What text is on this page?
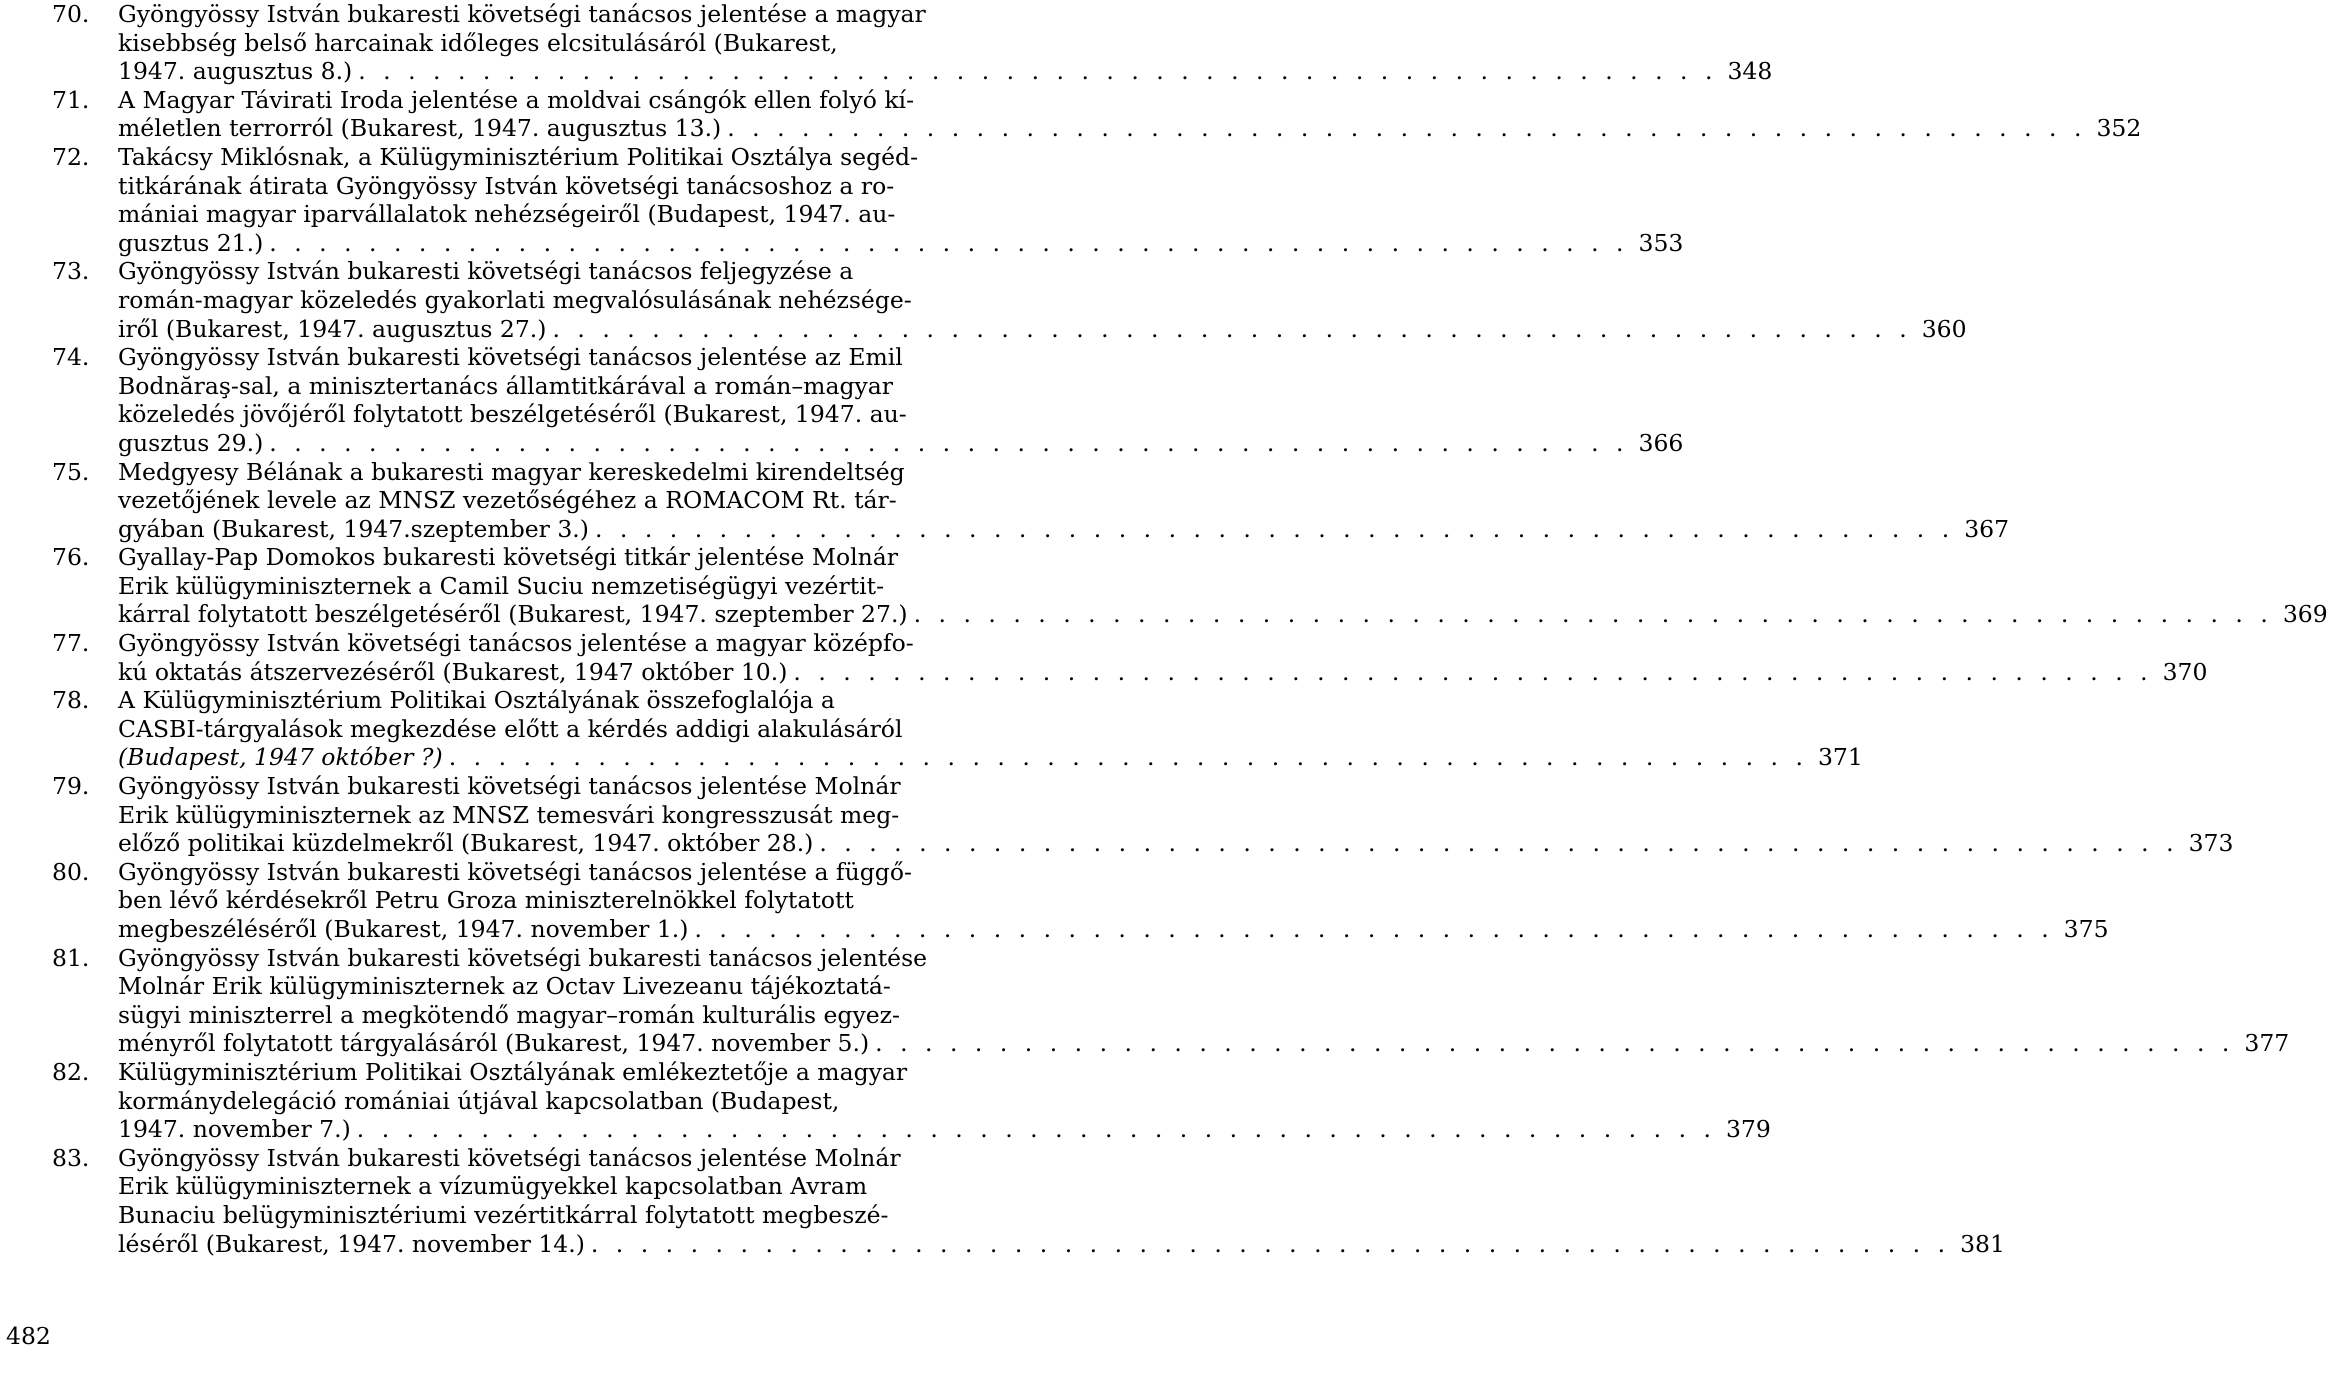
70.	Gyöngyössy István bukaresti követségi tanácsos jelentése a magyar
kisebbség belső harcainak időleges elcsitulásáról (Bukarest,
1947. augusztus 8.) . . .	348
71.	A Magyar Távirati Iroda jelentése a moldvai csángók ellen folyó kí-
méletlen terrorról (Bukarest, 1947. augusztus 13.) . . .	352
72.	Takácsy Miklósnak, a Külügyminisztérium Politikai Osztálya segéd-
titkárának átirata Gyöngyössy István követségi tanácsoshoz a ro-
mániai magyar iparvállalatok nehézségeiről (Budapest, 1947. au-
gusztus 21.) . . .	353
73.	Gyöngyössy István bukaresti követségi tanácsos feljegyzése a
román-magyar közeledés gyakorlati megvalósulásának nehézsége-
iről (Bukarest, 1947. augusztus 27.) . . .	360
74.	Gyöngyössy István bukaresti követségi tanácsos jelentése az Emil
Bodnăraş-sal, a minisztertanács államtitkárával a román–magyar
közeledés jövőjéről folytatott beszélgetéséről (Bukarest, 1947. au-
gusztus 29.) . . .	366
75.	Medgyesy Bélának a bukaresti magyar kereskedelmi kirendeltség
vezetőjének levele az MNSZ vezetőségéhez a ROMACOM Rt. tár-
gyában (Bukarest, 1947.szeptember 3.) . . .	367
76.	Gyallay-Pap Domokos bukaresti követségi titkár jelentése Molnár
Erik külügyminiszternek a Camil Suciu nemzetiségügyi vezértit-
kárral folytatott beszélgetéséről (Bukarest, 1947. szeptember 27.) . . .	369
77.	Gyöngyössy István követségi tanácsos jelentése a magyar középfo-
kú oktatás átszervezéséről (Bukarest, 1947 október 10.) . . .	370
78.	A Külügyminisztérium Politikai Osztályának összefoglalója a
CASBI-tárgyalások megkezdése előtt a kérdés addigi alakulásáról
(Budapest, 1947 október ?) . . .	371
79.	Gyöngyössy István bukaresti követségi tanácsos jelentése Molnár
Erik külügyminiszternek az MNSZ temesvári kongresszusát meg-
előző politikai küzdelmekről (Bukarest, 1947. október 28.) . . .	373
80.	Gyöngyössy István bukaresti követségi tanácsos jelentése a függő-
ben lévő kérdésekről Petru Groza miniszterelnökkel folytatott
megbeszéléséről (Bukarest, 1947. november 1.) . . .	375
81.	Gyöngyössy István bukaresti követségi bukaresti tanácsos jelentése
Molnár Erik külügyminiszternek az Octav Livezeanu tájékoztatá-
sügyi miniszterrel a megkötendő magyar–román kulturális egyez-
ményről folytatott tárgyalásáról (Bukarest, 1947. november 5.) . . .	377
82.	Külügyminisztérium Politikai Osztályának emlékeztetője a magyar
kormánydelegáció romániai útjával kapcsolatban (Budapest,
1947. november 7.) . . .	379
83.	Gyöngyössy István bukaresti követségi tanácsos jelentése Molnár
Erik külügyminiszternek a vízumügyekkel kapcsolatban Avram
Bunaciu belügyminisztériumi vezértitkárral folytatott megbeszé-
léséről (Bukarest, 1947. november 14.) . . .	381
482
